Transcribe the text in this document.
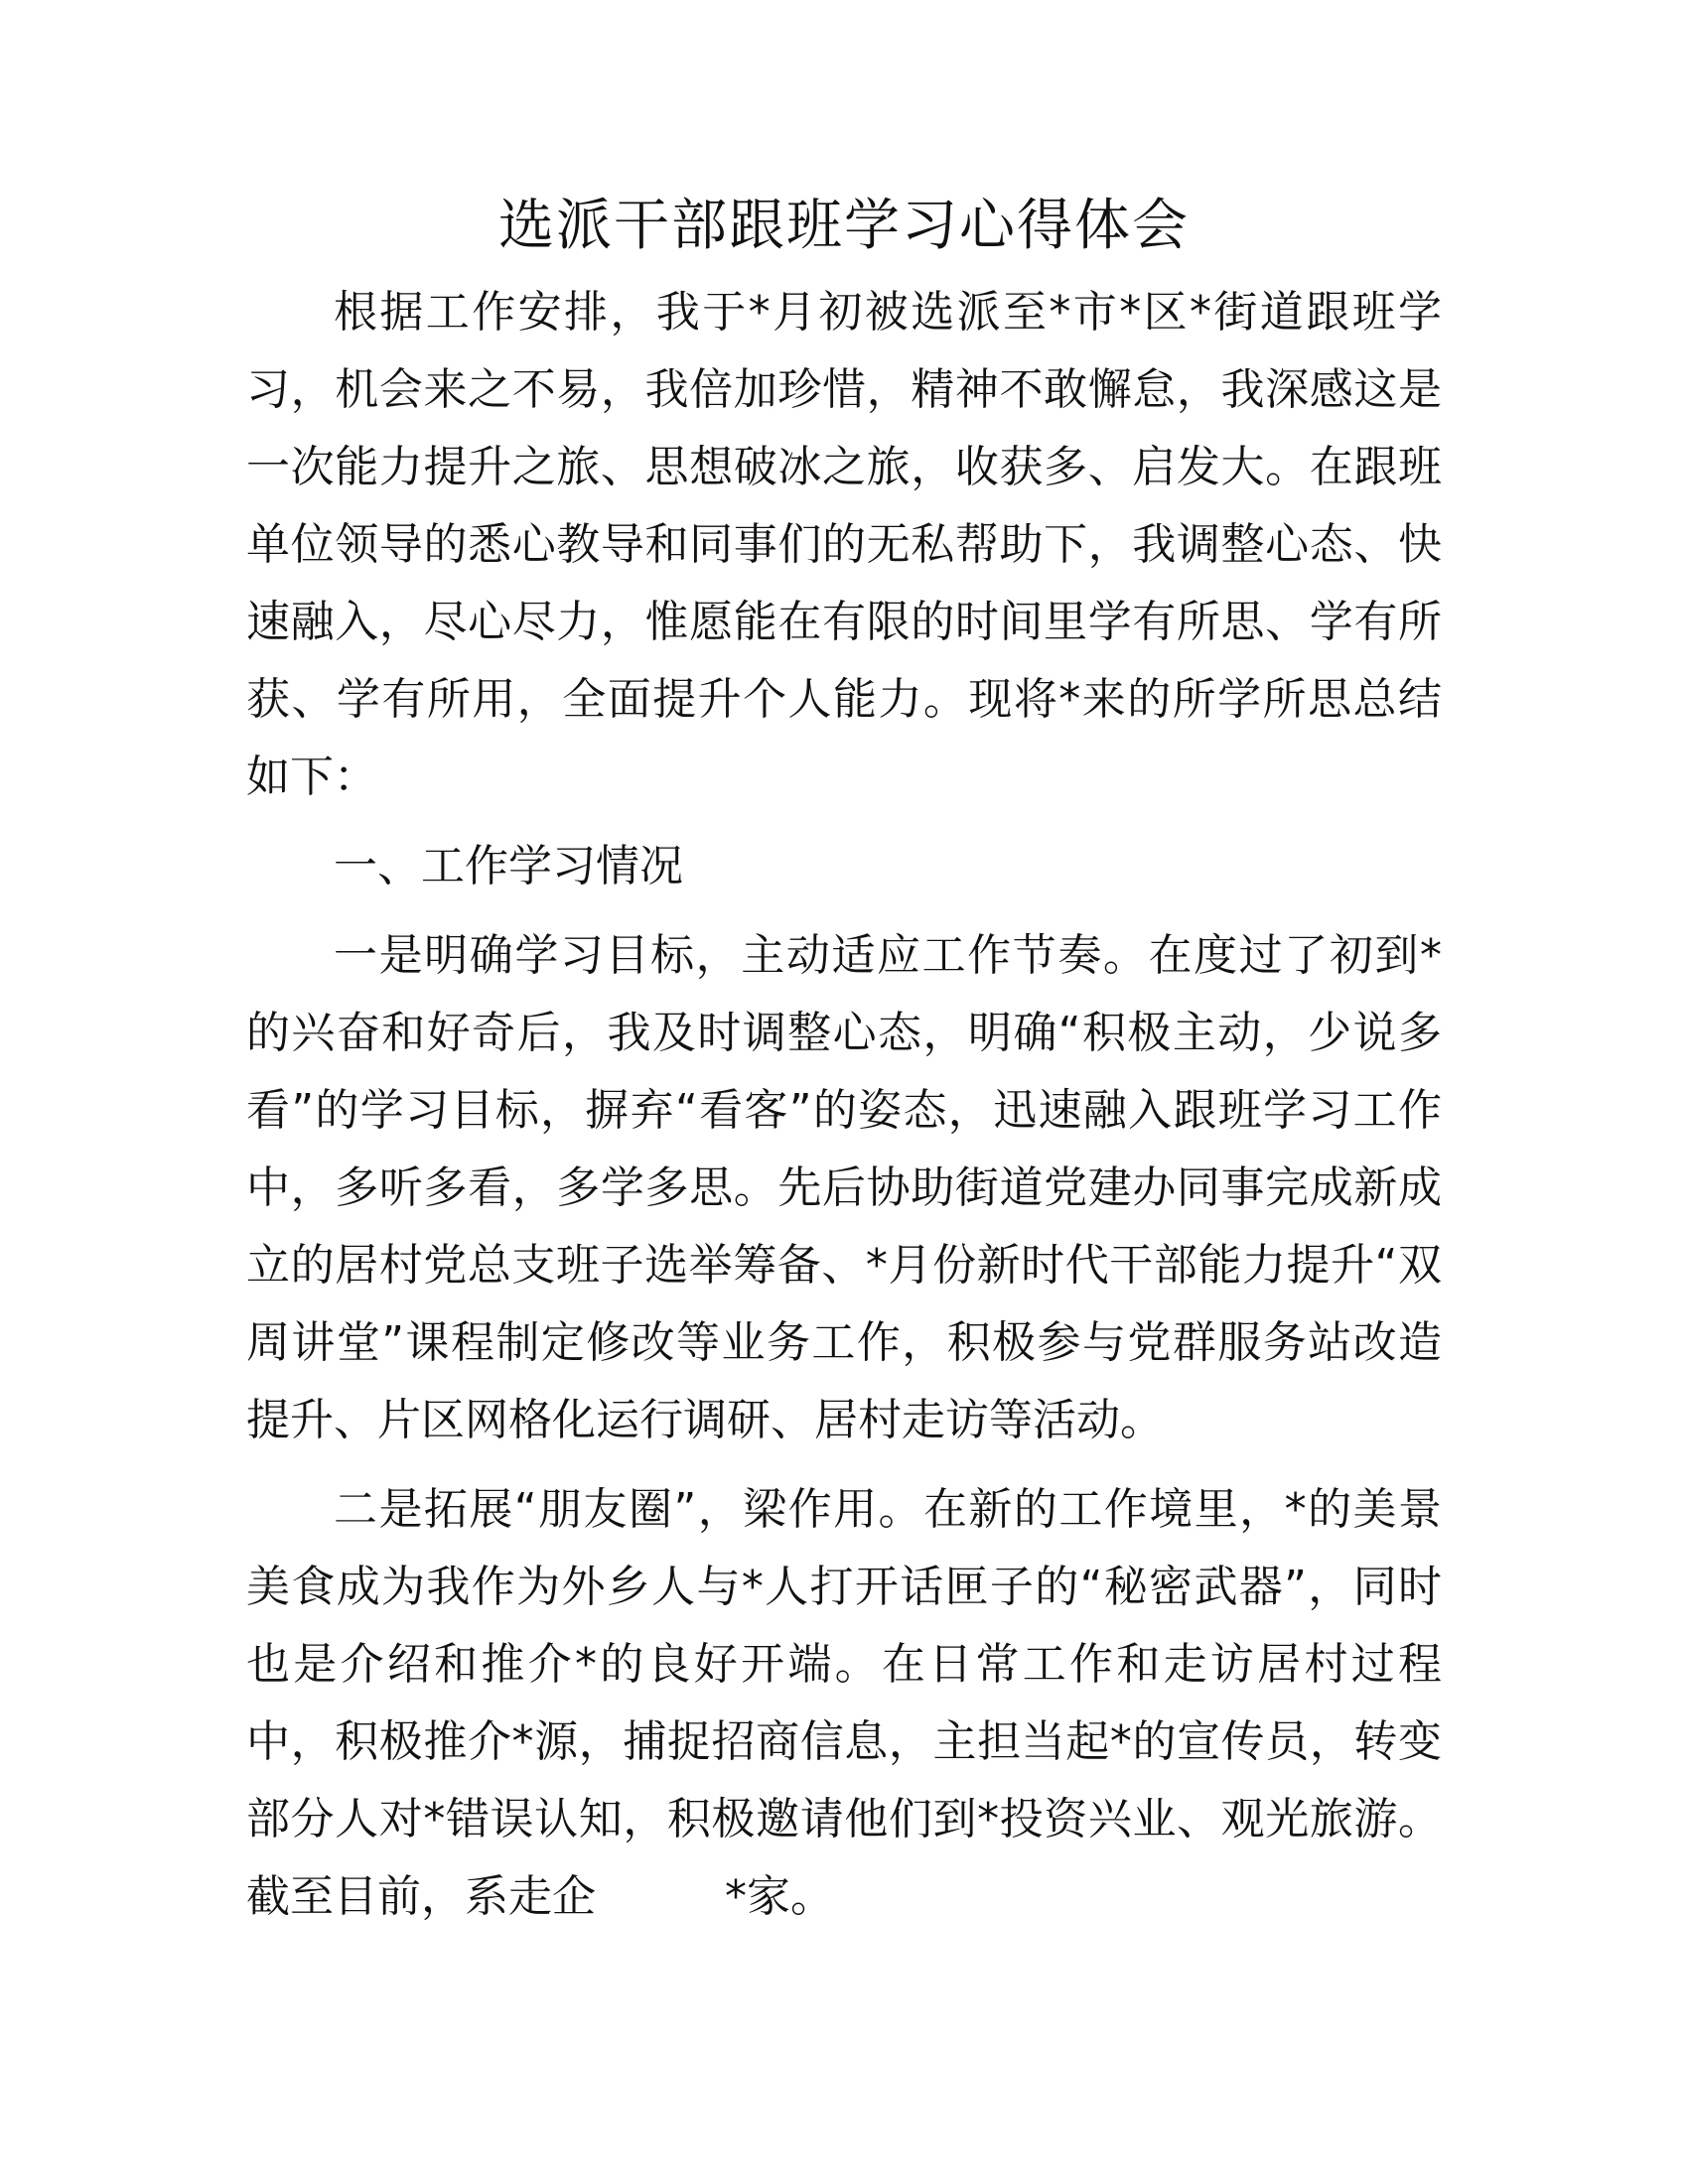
选派干部跟班学习心得体会

根据工作安排，我于*月初被选派至*市*区*街道跟班学习，机会来之不易，我倍加珍惜，精神不敢懈怠，我深感这是一次能力提升之旅、思想破冰之旅，收获多、启发大。在跟班单位领导的悉心教导和同事们的无私帮助下，我调整心态、快速融入，尽心尽力，惟愿能在有限的时间里学有所思、学有所获、学有所用，全面提升个人能力。现将*来的所学所思总结如下：

一、工作学习情况

一是明确学习目标，主动适应工作节奏。在度过了初到*的兴奋和好奇后，我及时调整心态，明确“积极主动，少说多看”的学习目标，摒弃“看客”的姿态，迅速融入跟班学习工作中，多听多看，多学多思。先后协助街道党建办同事完成新成立的居村党总支班子选举筹备、*月份新时代干部能力提升“双周讲堂”课程制定修改等业务工作，积极参与党群服务站改造提升、片区网格化运行调研、居村走访等活动。

二是拓展“朋友圈”，梁作用。在新的工作境里，*的美景美食成为我作为外乡人与*人打开话匣子的“秘密武器”，同时也是介绍和推介*的良好开端。在日常工作和走访居村过程中，积极推介*源，捕捉招商信息，主担当起*的宣传员，转变部分人对*错误认知，积极邀请他们到*投资兴业、观光旅游。截至目前，系走企	*家。
